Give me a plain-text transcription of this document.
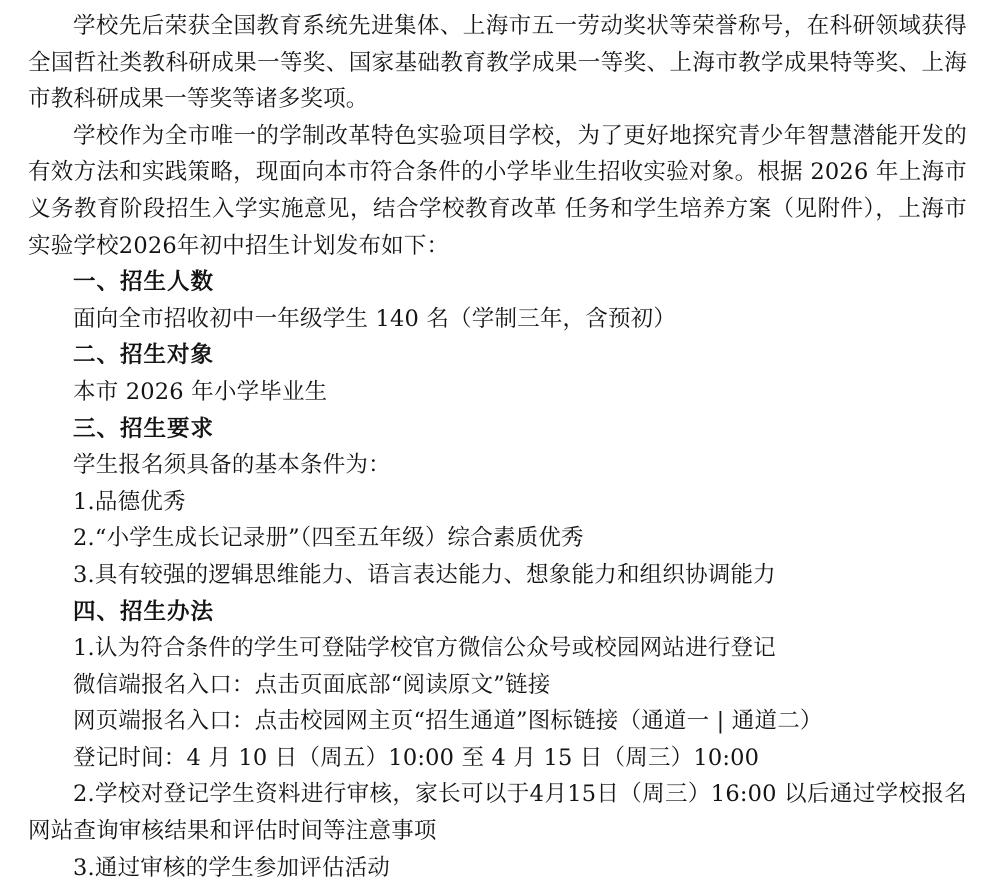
学校先后荣获全国教育系统先进集体、上海市五一劳动奖状等荣誉称号，在科研领域获得全国哲社类教科研成果一等奖、国家基础教育教学成果一等奖、上海市教学成果特等奖、上海市教科研成果一等奖等诸多奖项。

学校作为全市唯一的学制改革特色实验项目学校，为了更好地探究青少年智慧潜能开发的有效方法和实践策略，现面向本市符合条件的小学毕业生招收实验对象。根据 2026 年上海市义务教育阶段招生入学实施意见，结合学校教育改革 任务和学生培养方案（见附件），上海市实验学校2026年初中招生计划发布如下：

一、招生人数

面向全市招收初中一年级学生 140 名（学制三年，含预初）

二、招生对象

本市 2026 年小学毕业生

三、招生要求

学生报名须具备的基本条件为：

1.品德优秀

2.“小学生成长记录册”（四至五年级）综合素质优秀

3.具有较强的逻辑思维能力、语言表达能力、想象能力和组织协调能力

四、招生办法

1.认为符合条件的学生可登陆学校官方微信公众号或校园网站进行登记

微信端报名入口：点击页面底部“阅读原文”链接

网页端报名入口：点击校园网主页“招生通道”图标链接（通道一 | 通道二）

登记时间：4 月 10 日（周五）10:00 至 4 月 15 日（周三）10:00

2.学校对登记学生资料进行审核，家长可以于4月15日（周三）16:00 以后通过学校报名网站查询审核结果和评估时间等注意事项

3.通过审核的学生参加评估活动
